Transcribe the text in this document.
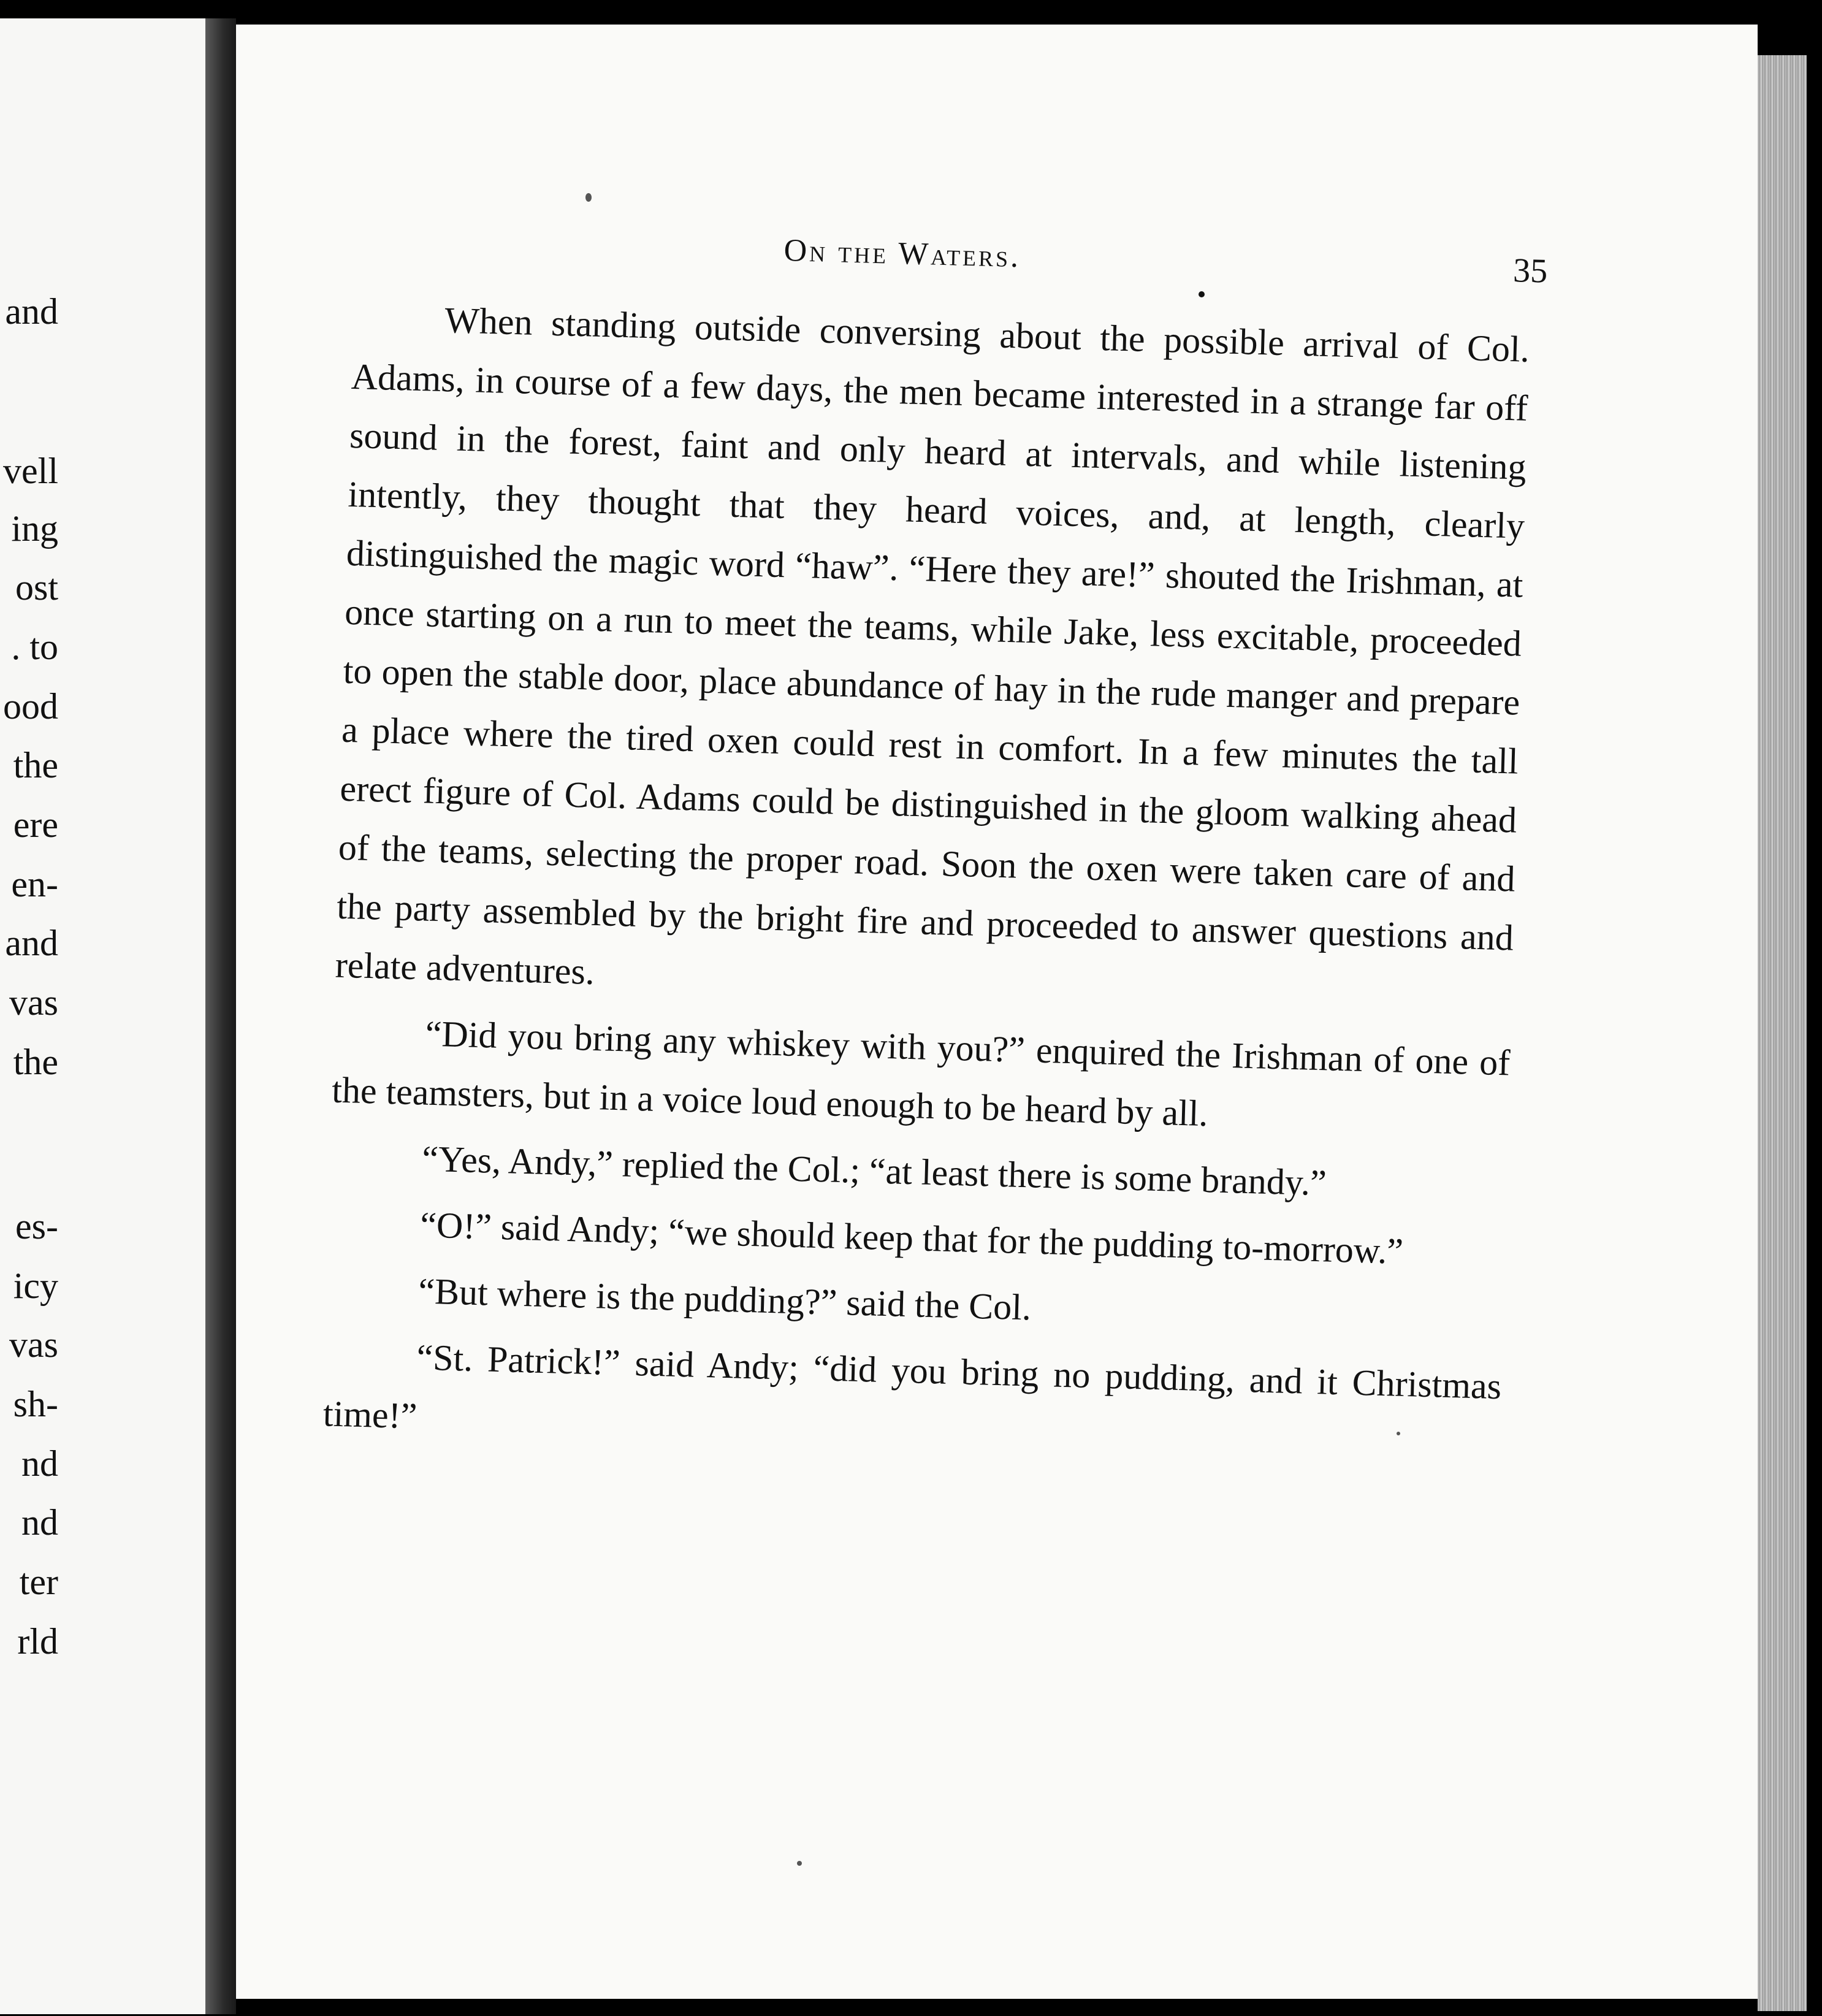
and
vell
ing
ost
. to
ood
the
ere
en-
and
vas
the
es-
icy
vas
sh-
nd
nd
ter
rld
On the Waters.	35

When standing outside conversing about the possible arrival of Col. Adams, in course of a few days, the men became interested in a strange far off sound in the forest, faint and only heard at intervals, and while listening intently, they thought that they heard voices, and, at length, clearly distinguished the magic word “haw”. “Here they are!” shouted the Irishman, at once starting on a run to meet the teams, while Jake, less excitable, proceeded to open the stable door, place abundance of hay in the rude manger and prepare a place where the tired oxen could rest in comfort. In a few minutes the tall erect figure of Col. Adams could be distinguished in the gloom walking ahead of the teams, selecting the proper road. Soon the oxen were taken care of and the party assembled by the bright fire and proceeded to answer questions and relate adventures.

“Did you bring any whiskey with you?” enquired the Irishman of one of the teamsters, but in a voice loud enough to be heard by all.

“Yes, Andy,” replied the Col.; “at least there is some brandy.”

“O!” said Andy; “we should keep that for the pudding to-morrow.”

“But where is the pudding?” said the Col.

“St. Patrick!” said Andy; “did you bring no pudding, and it Christmas time!”
